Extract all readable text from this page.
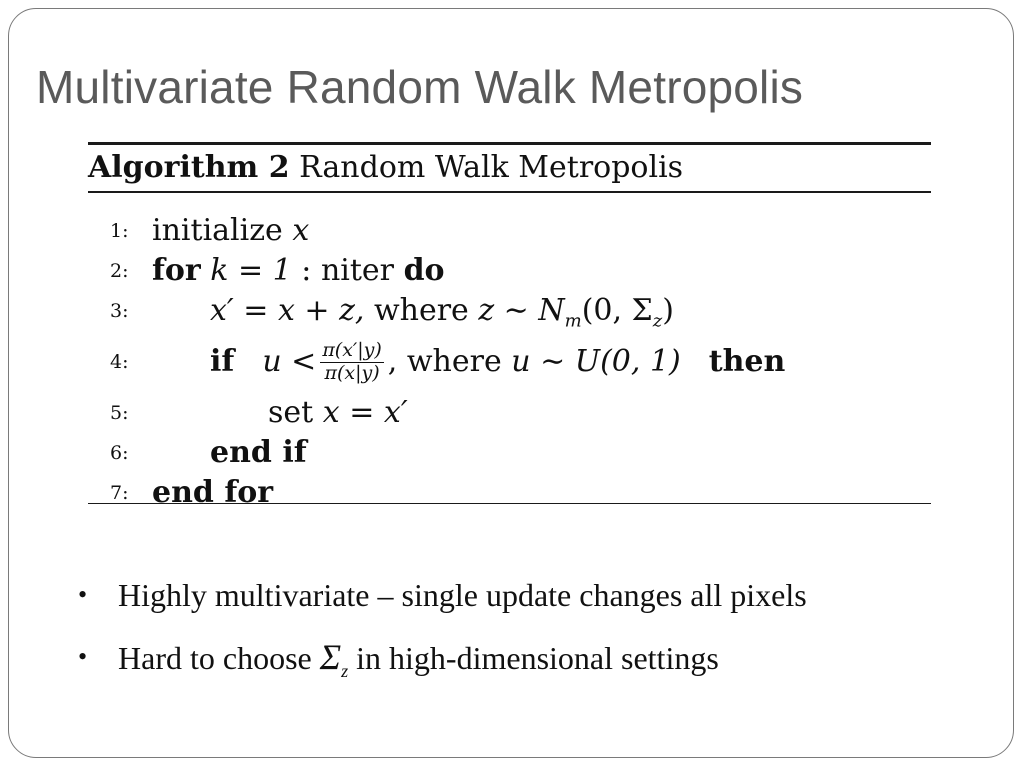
Multivariate Random Walk Metropolis
Algorithm 2 Random Walk Metropolis
1: initialize x
2: for k = 1 : niter do
3:	x′ = x + z, where z ∼ $N_m(0$, $\Sigma_z$)
4:	if $u < \frac{\pi(x'|y)}{\pi(x|y)}$ , where u ∼ U(0, 1) then
5:	set x = x′
6:	end if
7: end for
• Highly multivariate – single update changes all pixels
• Hard to choose $\Sigma_z$ in high-dimensional settings
